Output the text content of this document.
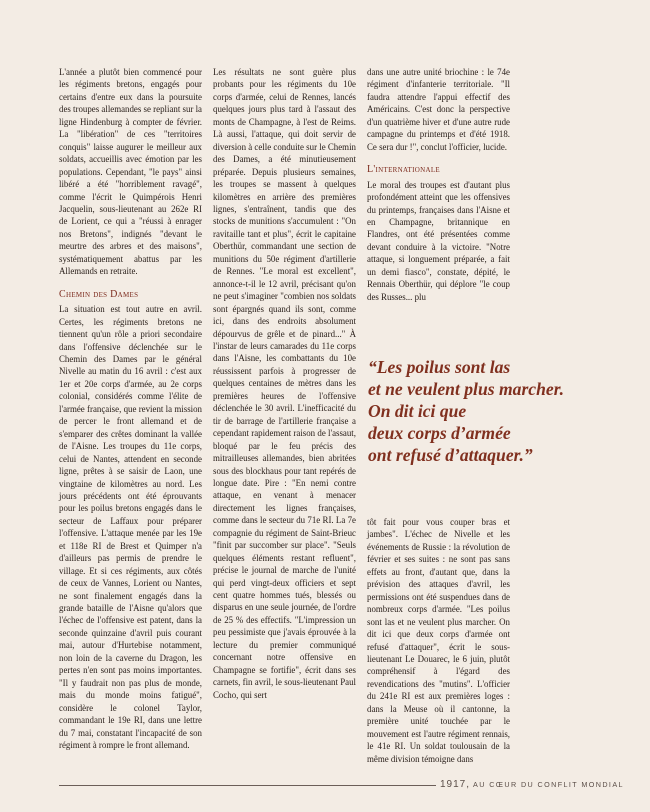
L'année a plutôt bien commencé pour les régiments bretons, engagés pour certains d'entre eux dans la poursuite des troupes allemandes se repliant sur la ligne Hindenburg à compter de février. La "libération" de ces "territoires conquis" laisse augurer le meilleur aux soldats, accueillis avec émotion par les populations. Cependant, "le pays" ainsi libéré a été "horriblement ravagé", comme l'écrit le Quimpérois Henri Jacquelin, sous-lieutenant au 262e RI de Lorient, ce qui a "réussi à enrager nos Bretons", indignés "devant le meurtre des arbres et des maisons", systématiquement abattus par les Allemands en retraite.

Chemin des Dames

La situation est tout autre en avril. Certes, les régiments bretons ne tiennent qu'un rôle a priori secondaire dans l'offensive déclenchée sur le Chemin des Dames par le général Nivelle au matin du 16 avril : c'est aux 1er et 20e corps d'armée, au 2e corps colonial, considérés comme l'élite de l'armée française, que revient la mission de percer le front allemand et de s'emparer des crêtes dominant la vallée de l'Aisne. Les troupes du 11e corps, celui de Nantes, attendent en seconde ligne, prêtes à se saisir de Laon, une vingtaine de kilomètres au nord. Les jours précédents ont été éprouvants pour les poilus bretons engagés dans le secteur de Laffaux pour préparer l'offensive. L'attaque menée par les 19e et 118e RI de Brest et Quimper n'a d'ailleurs pas permis de prendre le village. Et si ces régiments, aux côtés de ceux de Vannes, Lorient ou Nantes, ne sont finalement engagés dans la grande bataille de l'Aisne qu'alors que l'échec de l'offensive est patent, dans la seconde quinzaine d'avril puis courant mai, autour d'Hurtebise notamment, non loin de la caverne du Dragon, les pertes n'en sont pas moins importantes. "Il y faudrait non pas plus de monde, mais du monde moins fatigué", considère le colonel Taylor, commandant le 19e RI, dans une lettre du 7 mai, constatant l'incapacité de son régiment à rompre le front allemand.

Les résultats ne sont guère plus probants pour les régiments du 10e corps d'armée, celui de Rennes, lancés quelques jours plus tard à l'assaut des monts de Champagne, à l'est de Reims. Là aussi, l'attaque, qui doit servir de diversion à celle conduite sur le Chemin des Dames, a été minutieusement préparée. Depuis plusieurs semaines, les troupes se massent à quelques kilomètres en arrière des premières lignes, s'entraînent, tandis que des stocks de munitions s'accumulent : "On ravitaille tant et plus", écrit le capitaine Oberthür, commandant une section de munitions du 50e régiment d'artillerie de Rennes. "Le moral est excellent", annonce-t-il le 12 avril, précisant qu'on ne peut s'imaginer "combien nos soldats sont épargnés quand ils sont, comme ici, dans des endroits absolument dépourvus de grêle et de pinard..." À l'instar de leurs camarades du 11e corps dans l'Aisne, les combattants du 10e réussissent parfois à progresser de quelques centaines de mètres dans les premières heures de l'offensive déclenchée le 30 avril. L'inefficacité du tir de barrage de l'artillerie française a cependant rapidement raison de l'assaut, bloqué par le feu précis des mitrailleuses allemandes, bien abritées sous des blockhaus pour tant repérés de longue date. Pire : "En nemi contre attaque, en venant à menacer directement les lignes françaises, comme dans le secteur du 71e RI. La 7e compagnie du régiment de Saint-Brieuc "finit par succomber sur place". "Seuls quelques éléments restant refluent", précise le journal de marche de l'unité qui perd vingt-deux officiers et sept cent quatre hommes tués, blessés ou disparus en une seule journée, de l'ordre de 25 % des effectifs. "L'impression un peu pessimiste que j'avais éprouvée à la lecture du premier communiqué concernant notre offensive en Champagne se fortifie", écrit dans ses carnets, fin avril, le sous-lieutenant Paul Cocho, qui sert

dans une autre unité briochine : le 74e régiment d'infanterie territoriale. "Il faudra attendre l'appui effectif des Américains. C'est donc la perspective d'un quatrième hiver et d'une autre rude campagne du printemps et d'été 1918. Ce sera dur !", conclut l'officier, lucide.

L'internationale

Le moral des troupes est d'autant plus profondément atteint que les offensives du printemps, françaises dans l'Aisne et en Champagne, britannique en Flandres, ont été présentées comme devant conduire à la victoire. "Notre attaque, si longuement préparée, a fait un demi fiasco", constate, dépité, le Rennais Oberthür, qui déplore "le coup des Russes... plu

“Les poilus sont las
et ne veulent plus marcher.
On dit ici que
deux corps d’armée
ont refusé d’attaquer.”

tôt fait pour vous couper bras et jambes". L'échec de Nivelle et les événements de Russie : la révolution de février et ses suites : ne sont pas sans effets au front, d'autant que, dans la prévision des attaques d'avril, les permissions ont été suspendues dans de nombreux corps d'armée. "Les poilus sont las et ne veulent plus marcher. On dit ici que deux corps d'armée ont refusé d'attaquer", écrit le sous-lieutenant Le Douarec, le 6 juin, plutôt compréhensif à l'égard des revendications des "mutins". L'officier du 241e RI est aux premières loges : dans la Meuse où il cantonne, la première unité touchée par le mouvement est l'autre régiment rennais, le 41e RI. Un soldat toulousain de la même division témoigne dans

1917, AU CŒUR DU CONFLIT MONDIAL
